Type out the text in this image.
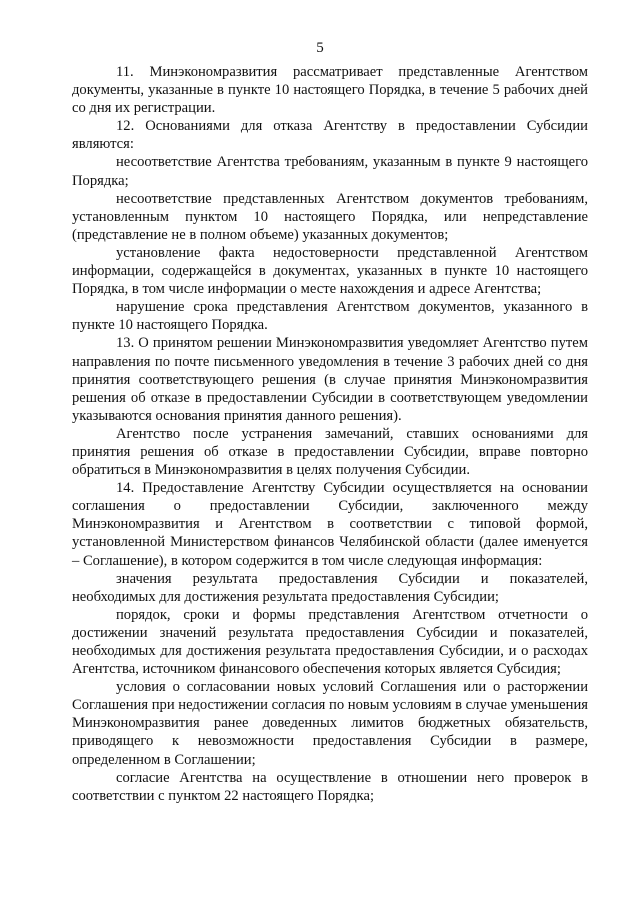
5

11. Минэкономразвития рассматривает представленные Агентством документы, указанные в пункте 10 настоящего Порядка, в течение 5 рабочих дней со дня их регистрации.

12. Основаниями для отказа Агентству в предоставлении Субсидии являются:

несоответствие Агентства требованиям, указанным в пункте 9 настоящего Порядка;

несоответствие представленных Агентством документов требованиям, установленным пунктом 10 настоящего Порядка, или непредставление (представление не в полном объеме) указанных документов;

установление факта недостоверности представленной Агентством информации, содержащейся в документах, указанных в пункте 10 настоящего Порядка, в том числе информации о месте нахождения и адресе Агентства;

нарушение срока представления Агентством документов, указанного в пункте 10 настоящего Порядка.

13. О принятом решении Минэкономразвития уведомляет Агентство путем направления по почте письменного уведомления в течение 3 рабочих дней со дня принятия соответствующего решения (в случае принятия Минэкономразвития решения об отказе в предоставлении Субсидии в соответствующем уведомлении указываются основания принятия данного решения).

Агентство после устранения замечаний, ставших основаниями для принятия решения об отказе в предоставлении Субсидии, вправе повторно обратиться в Минэкономразвития в целях получения Субсидии.

14. Предоставление Агентству Субсидии осуществляется на основании соглашения о предоставлении Субсидии, заключенного между Минэкономразвития и Агентством в соответствии с типовой формой, установленной Министерством финансов Челябинской области (далее именуется – Соглашение), в котором содержится в том числе следующая информация:

значения результата предоставления Субсидии и показателей, необходимых для достижения результата предоставления Субсидии;

порядок, сроки и формы представления Агентством отчетности о достижении значений результата предоставления Субсидии и показателей, необходимых для достижения результата предоставления Субсидии, и о расходах Агентства, источником финансового обеспечения которых является Субсидия;

условия о согласовании новых условий Соглашения или о расторжении Соглашения при недостижении согласия по новым условиям в случае уменьшения Минэкономразвития ранее доведенных лимитов бюджетных обязательств, приводящего к невозможности предоставления Субсидии в размере, определенном в Соглашении;

согласие Агентства на осуществление в отношении него проверок в соответствии с пунктом 22 настоящего Порядка;
